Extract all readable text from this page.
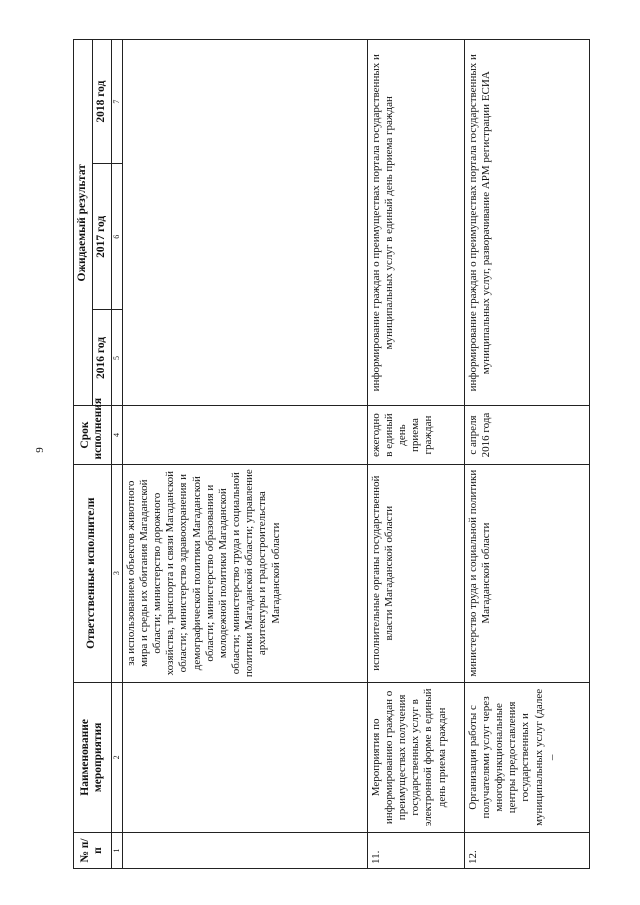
9
№ п/п	Наименование мероприятия	Ответственные исполнители	Срок исполнения	Ожидаемый результат		
				2016 год	2017 год	2018 год
1	2	3	4	5	6	7
		за использованием объектов животного мира и среды их обитания Магаданской области; министерство дорожного хозяйства, транспорта и связи Магаданской области; министерство здравоохранения и демографической политики Магаданской области; министерство образования и молодежной политики Магаданской области; министерство труда и социальной политики Магаданской области; управление архитектуры и градостроительства Магаданской области				
11.	Мероприятия по информированию граждан о преимуществах получения государственных услуг в электронной форме в единый день приема граждан	исполнительные органы государственной власти Магаданской области	ежегодно в единый день приема граждан	информирование граждан о преимуществах портала государственных и муниципальных услуг в единый день приема граждан		
12.	Организация работы с получателями услуг через многофункциональные центры предоставления государственных и муниципальных услуг (далее –	министерство труда и социальной политики Магаданской области	с апреля 2016 года	информирование граждан о преимуществах портала государственных и муниципальных услуг, разворачивание АРМ регистрации ЕСИА		
